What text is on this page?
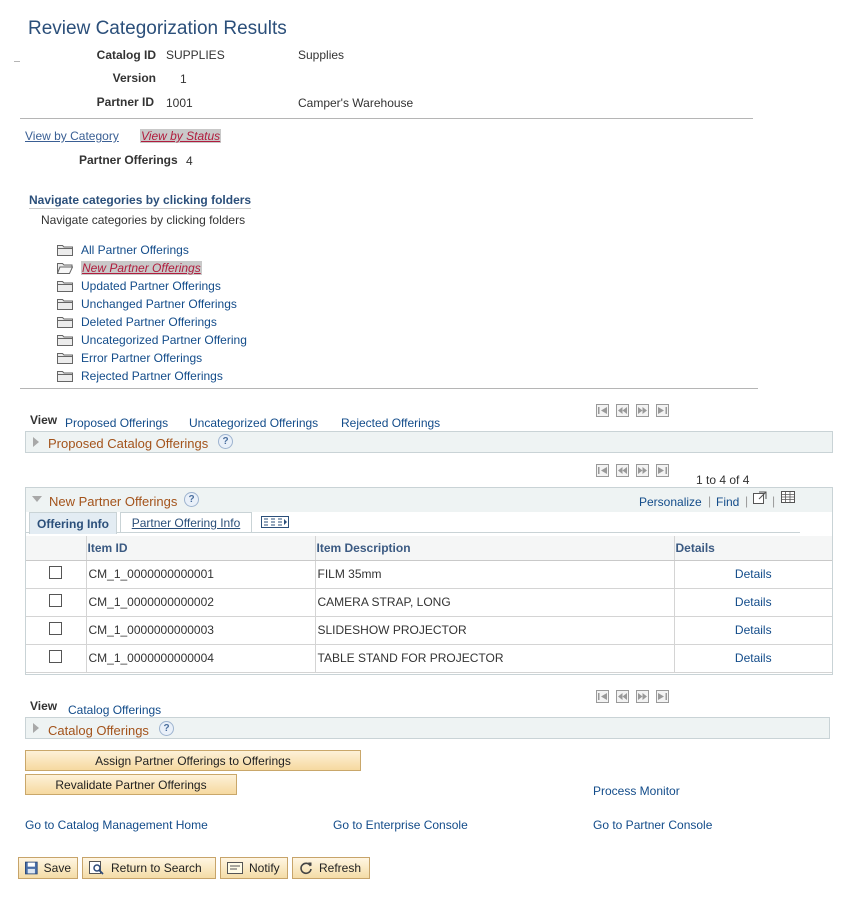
Review Categorization Results
Catalog ID SUPPLIES	Supplies
Version 1
Partner ID 1001	Camper's Warehouse
View by Category View by Status
Partner Offerings 4
Navigate categories by clicking folders
Navigate categories by clicking folders
All Partner Offerings
New Partner Offerings
Updated Partner Offerings
Unchanged Partner Offerings
Deleted Partner Offerings
Uncategorized Partner Offering
Error Partner Offerings
Rejected Partner Offerings
View Proposed Offerings Uncategorized Offerings Rejected Offerings
Proposed Catalog Offerings	?
1 to 4 of 4
New Partner Offerings	?	Personalize | Find | |
Offering Info	Partner Offering Info
	Item ID	Item Description	Details
	CM_1_0000000000001	FILM 35mm	Details
	CM_1_0000000000002	CAMERA STRAP, LONG	Details
	CM_1_0000000000003	SLIDESHOW PROJECTOR	Details
	CM_1_0000000000004	TABLE STAND FOR PROJECTOR	Details
View Catalog Offerings
Catalog Offerings	?
Assign Partner Offerings to Offerings
Revalidate Partner Offerings	Process Monitor
Go to Catalog Management Home	Go to Enterprise Console	Go to Partner Console
Save	Return to Search	Notify	Refresh
